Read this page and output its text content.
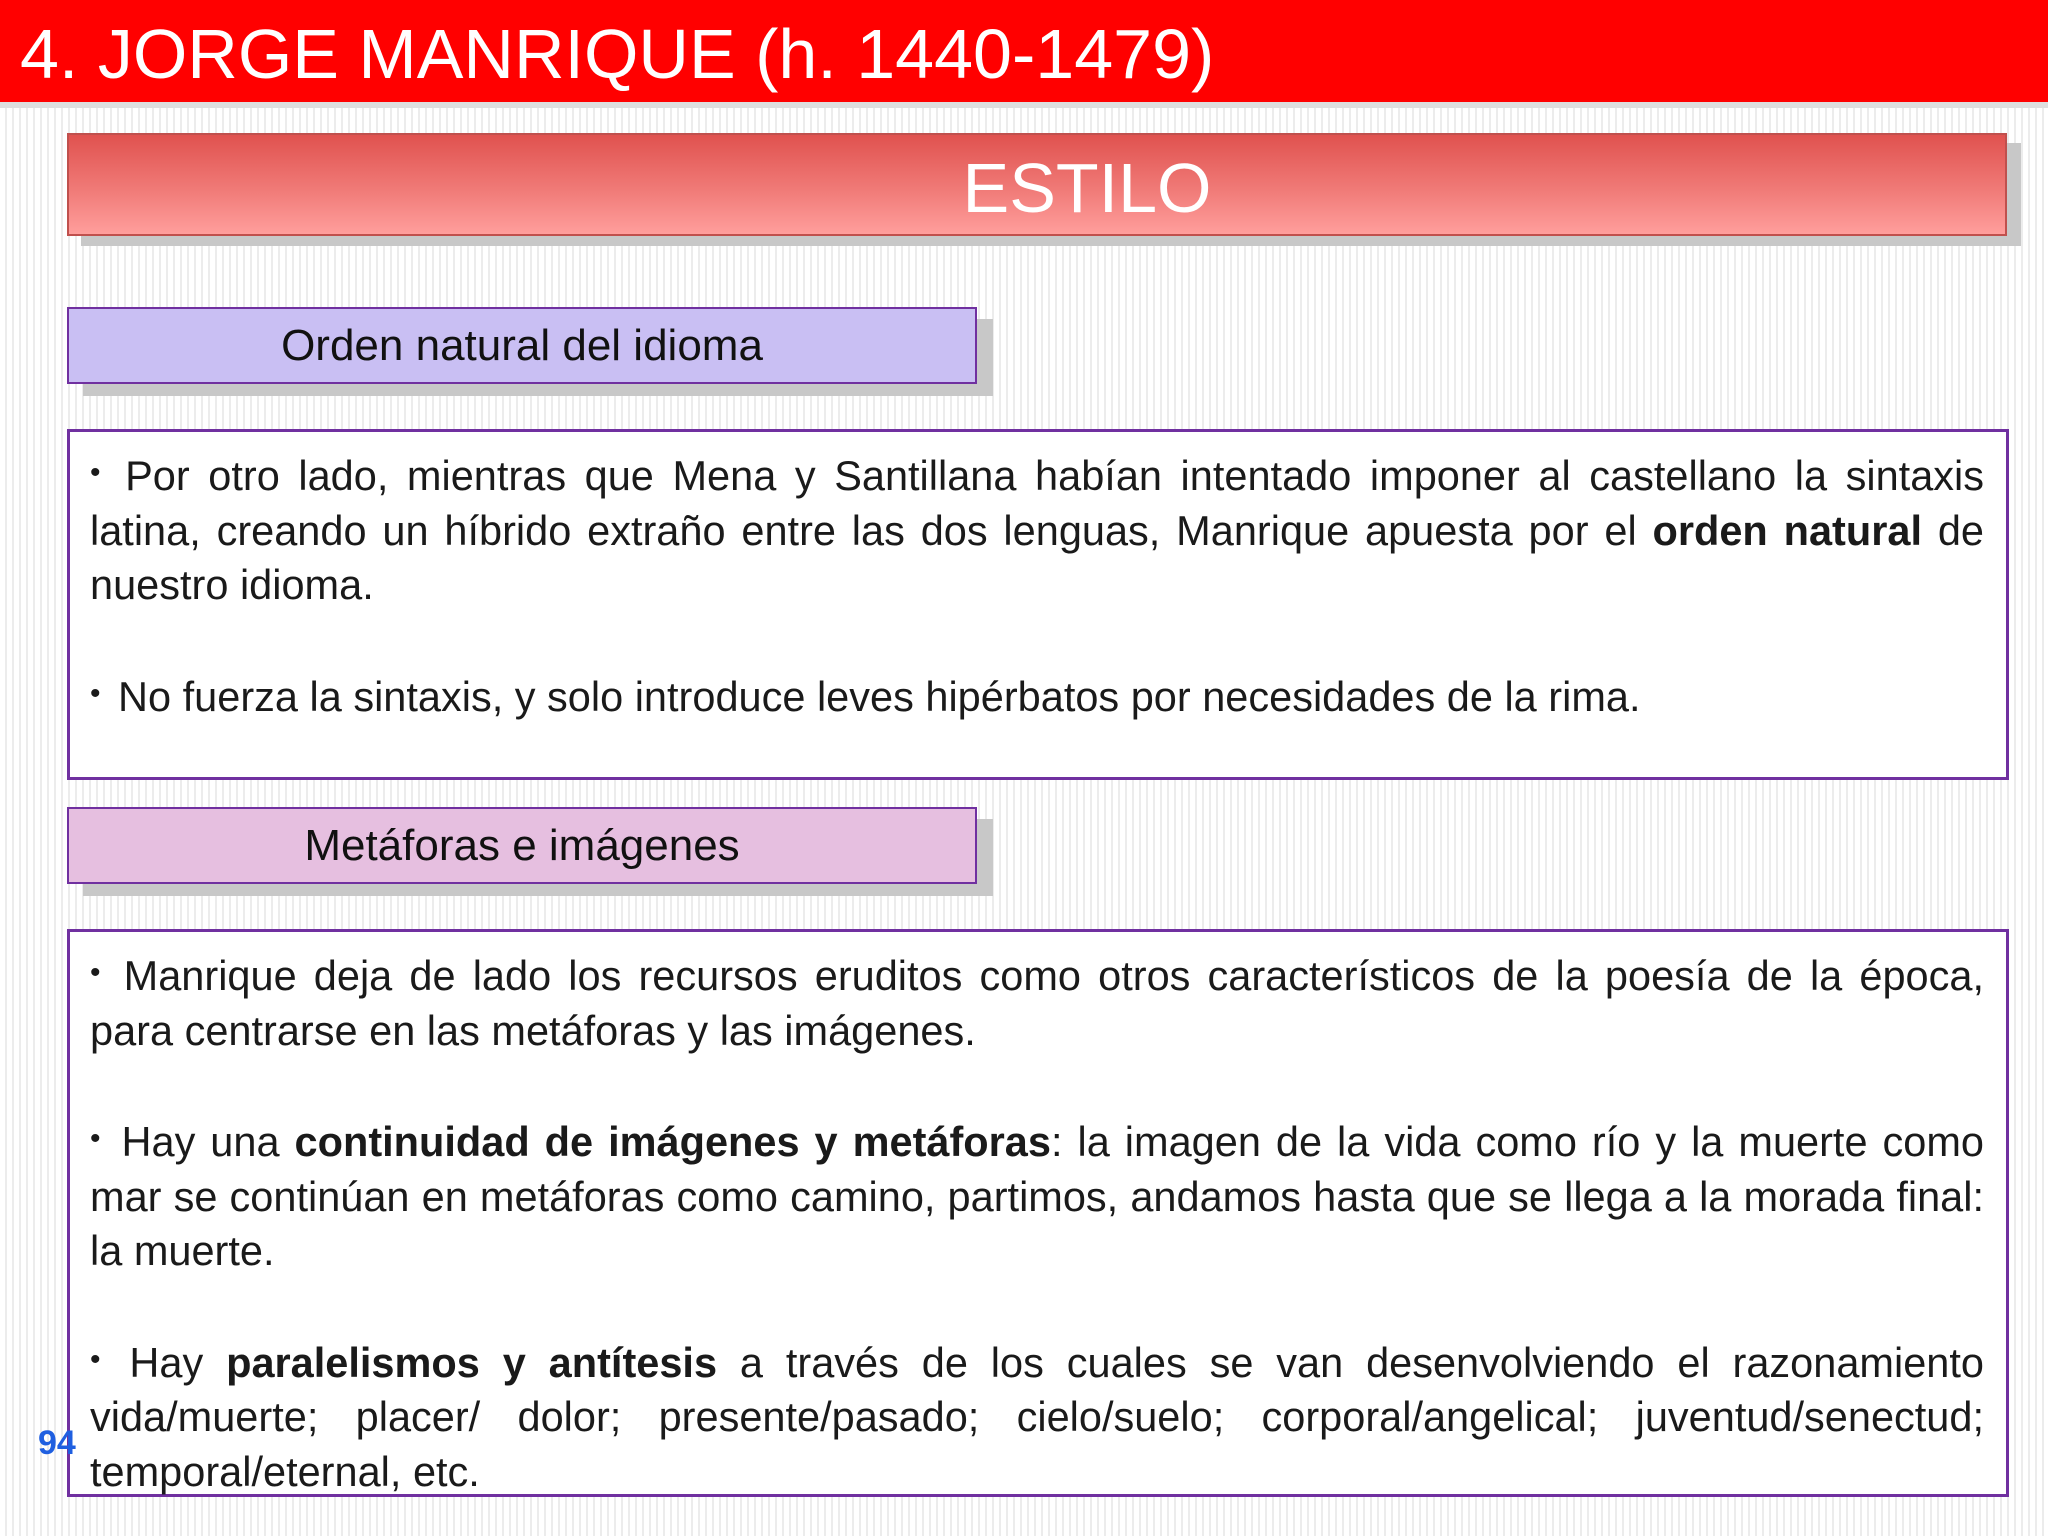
4. JORGE MANRIQUE (h. 1440-1479)
ESTILO
Orden natural del idioma

• Por otro lado, mientras que Mena y Santillana habían intentado imponer al castellano la sintaxis latina, creando un híbrido extraño entre las dos lenguas, Manrique apuesta por el orden natural de nuestro idioma.

• No fuerza la sintaxis, y solo introduce leves hipérbatos por necesidades de la rima.

Metáforas e imágenes

• Manrique deja de lado los recursos eruditos como otros característicos de la poesía de la época, para centrarse en las metáforas y las imágenes.

• Hay una continuidad de imágenes y metáforas: la imagen de la vida como río y la muerte como mar se continúan en metáforas como camino, partimos, andamos hasta que se llega a la morada final: la muerte.

• Hay paralelismos y antítesis a través de los cuales se van desenvolviendo el razonamiento vida/muerte; placer/ dolor; presente/pasado; cielo/suelo; corporal/angelical; juventud/senectud; temporal/eternal, etc.

94
